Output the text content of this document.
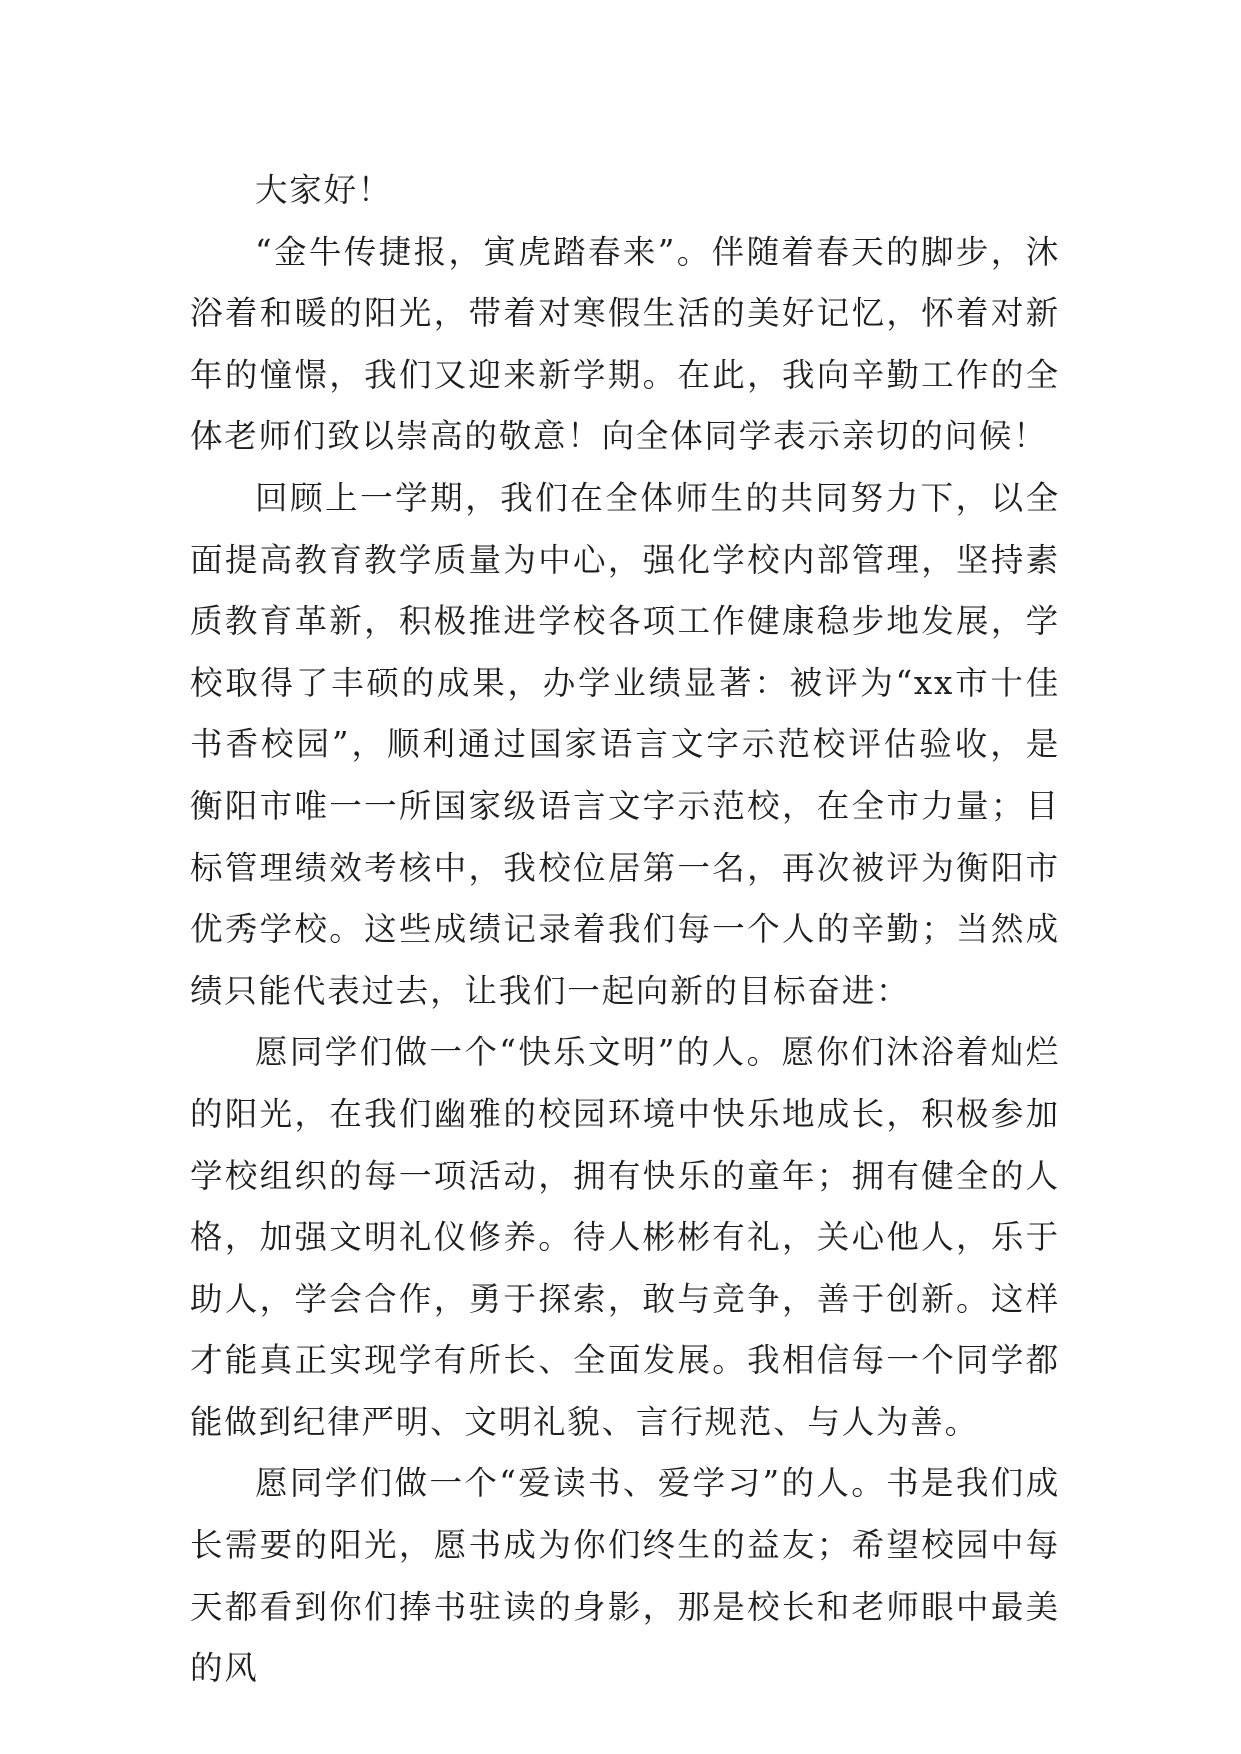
大家好！

“金牛传捷报，寅虎踏春来”。伴随着春天的脚步，沐浴着和暖的阳光，带着对寒假生活的美好记忆，怀着对新年的憧憬，我们又迎来新学期。在此，我向辛勤工作的全体老师们致以崇高的敬意！向全体同学表示亲切的问候！

回顾上一学期，我们在全体师生的共同努力下，以全面提高教育教学质量为中心，强化学校内部管理，坚持素质教育革新，积极推进学校各项工作健康稳步地发展，学校取得了丰硕的成果，办学业绩显著：被评为“xx市十佳书香校园”，顺利通过国家语言文字示范校评估验收，是衡阳市唯一一所国家级语言文字示范校，在全市力量；目标管理绩效考核中，我校位居第一名，再次被评为衡阳市优秀学校。这些成绩记录着我们每一个人的辛勤；当然成绩只能代表过去，让我们一起向新的目标奋进：

愿同学们做一个“快乐文明”的人。愿你们沐浴着灿烂的阳光，在我们幽雅的校园环境中快乐地成长，积极参加学校组织的每一项活动，拥有快乐的童年；拥有健全的人格，加强文明礼仪修养。待人彬彬有礼，关心他人，乐于助人，学会合作，勇于探索，敢与竞争，善于创新。这样才能真正实现学有所长、全面发展。我相信每一个同学都能做到纪律严明、文明礼貌、言行规范、与人为善。

愿同学们做一个“爱读书、爱学习”的人。书是我们成长需要的阳光，愿书成为你们终生的益友；希望校园中每天都看到你们捧书驻读的身影，那是校长和老师眼中最美的风
